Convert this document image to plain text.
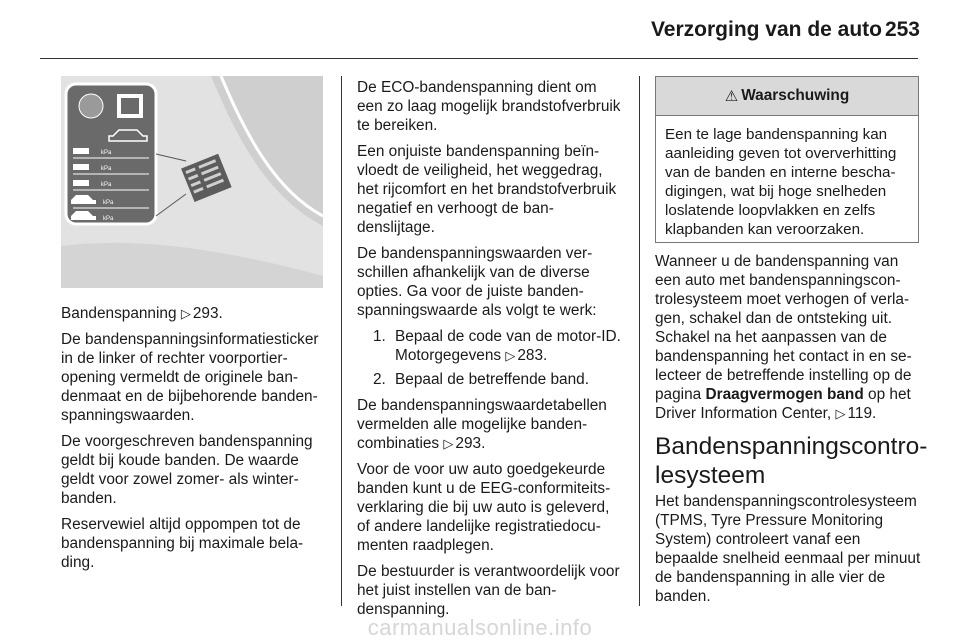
Verzorging van de auto 253
kPa
kPa
kPa
kPa
kPa

Bandenspanning ▷ 293.

De bandenspanningsinformatiesticker in de linker of rechter voorportieropening vermeldt de originele bandenmaat en de bijbehorende bandenspanningswaarden.

De voorgeschreven bandenspanning geldt bij koude banden. De waarde geldt voor zowel zomer- als winterbanden.

Reservewiel altijd oppompen tot de bandenspanning bij maximale belading.

De ECO-bandenspanning dient om een zo laag mogelijk brandstofverbruik te bereiken.

Een onjuiste bandenspanning beïnvloedt de veiligheid, het weggedrag, het rijcomfort en het brandstofverbruik negatief en verhoogt de bandenslijtage.

De bandenspanningswaarden verschillen afhankelijk van de diverse opties. Ga voor de juiste bandenspanningswaarde als volgt te werk:

1. Bepaal de code van de motor-ID. Motorgegevens ▷ 283.
2. Bepaal de betreffende band.

De bandenspanningswaardetabellen vermelden alle mogelijke bandencombinaties ▷ 293.

Voor de voor uw auto goedgekeurde banden kunt u de EEG-conformiteitsverklaring die bij uw auto is geleverd, of andere landelijke registratiedocumenten raadplegen.

De bestuurder is verantwoordelijk voor het juist instellen van de bandenspanning.

⚠ Waarschuwing
Een te lage bandenspanning kan aanleiding geven tot oververhitting van de banden en interne beschadigingen, wat bij hoge snelheden loslatende loopvlakken en zelfs klapbanden kan veroorzaken.

Wanneer u de bandenspanning van een auto met bandenspanningscontrolesysteem moet verhogen of verlagen, schakel dan de ontsteking uit. Schakel na het aanpassen van de bandenspanning het contact in en selecteer de betreffende instelling op de pagina Draagvermogen band op het Driver Information Center, ▷ 119.

Bandenspanningscontrolesysteem

Het bandenspanningscontrolesysteem (TPMS, Tyre Pressure Monitoring System) controleert vanaf een bepaalde snelheid eenmaal per minuut de bandenspanning in alle vier de banden.

carmanualsonline.info
